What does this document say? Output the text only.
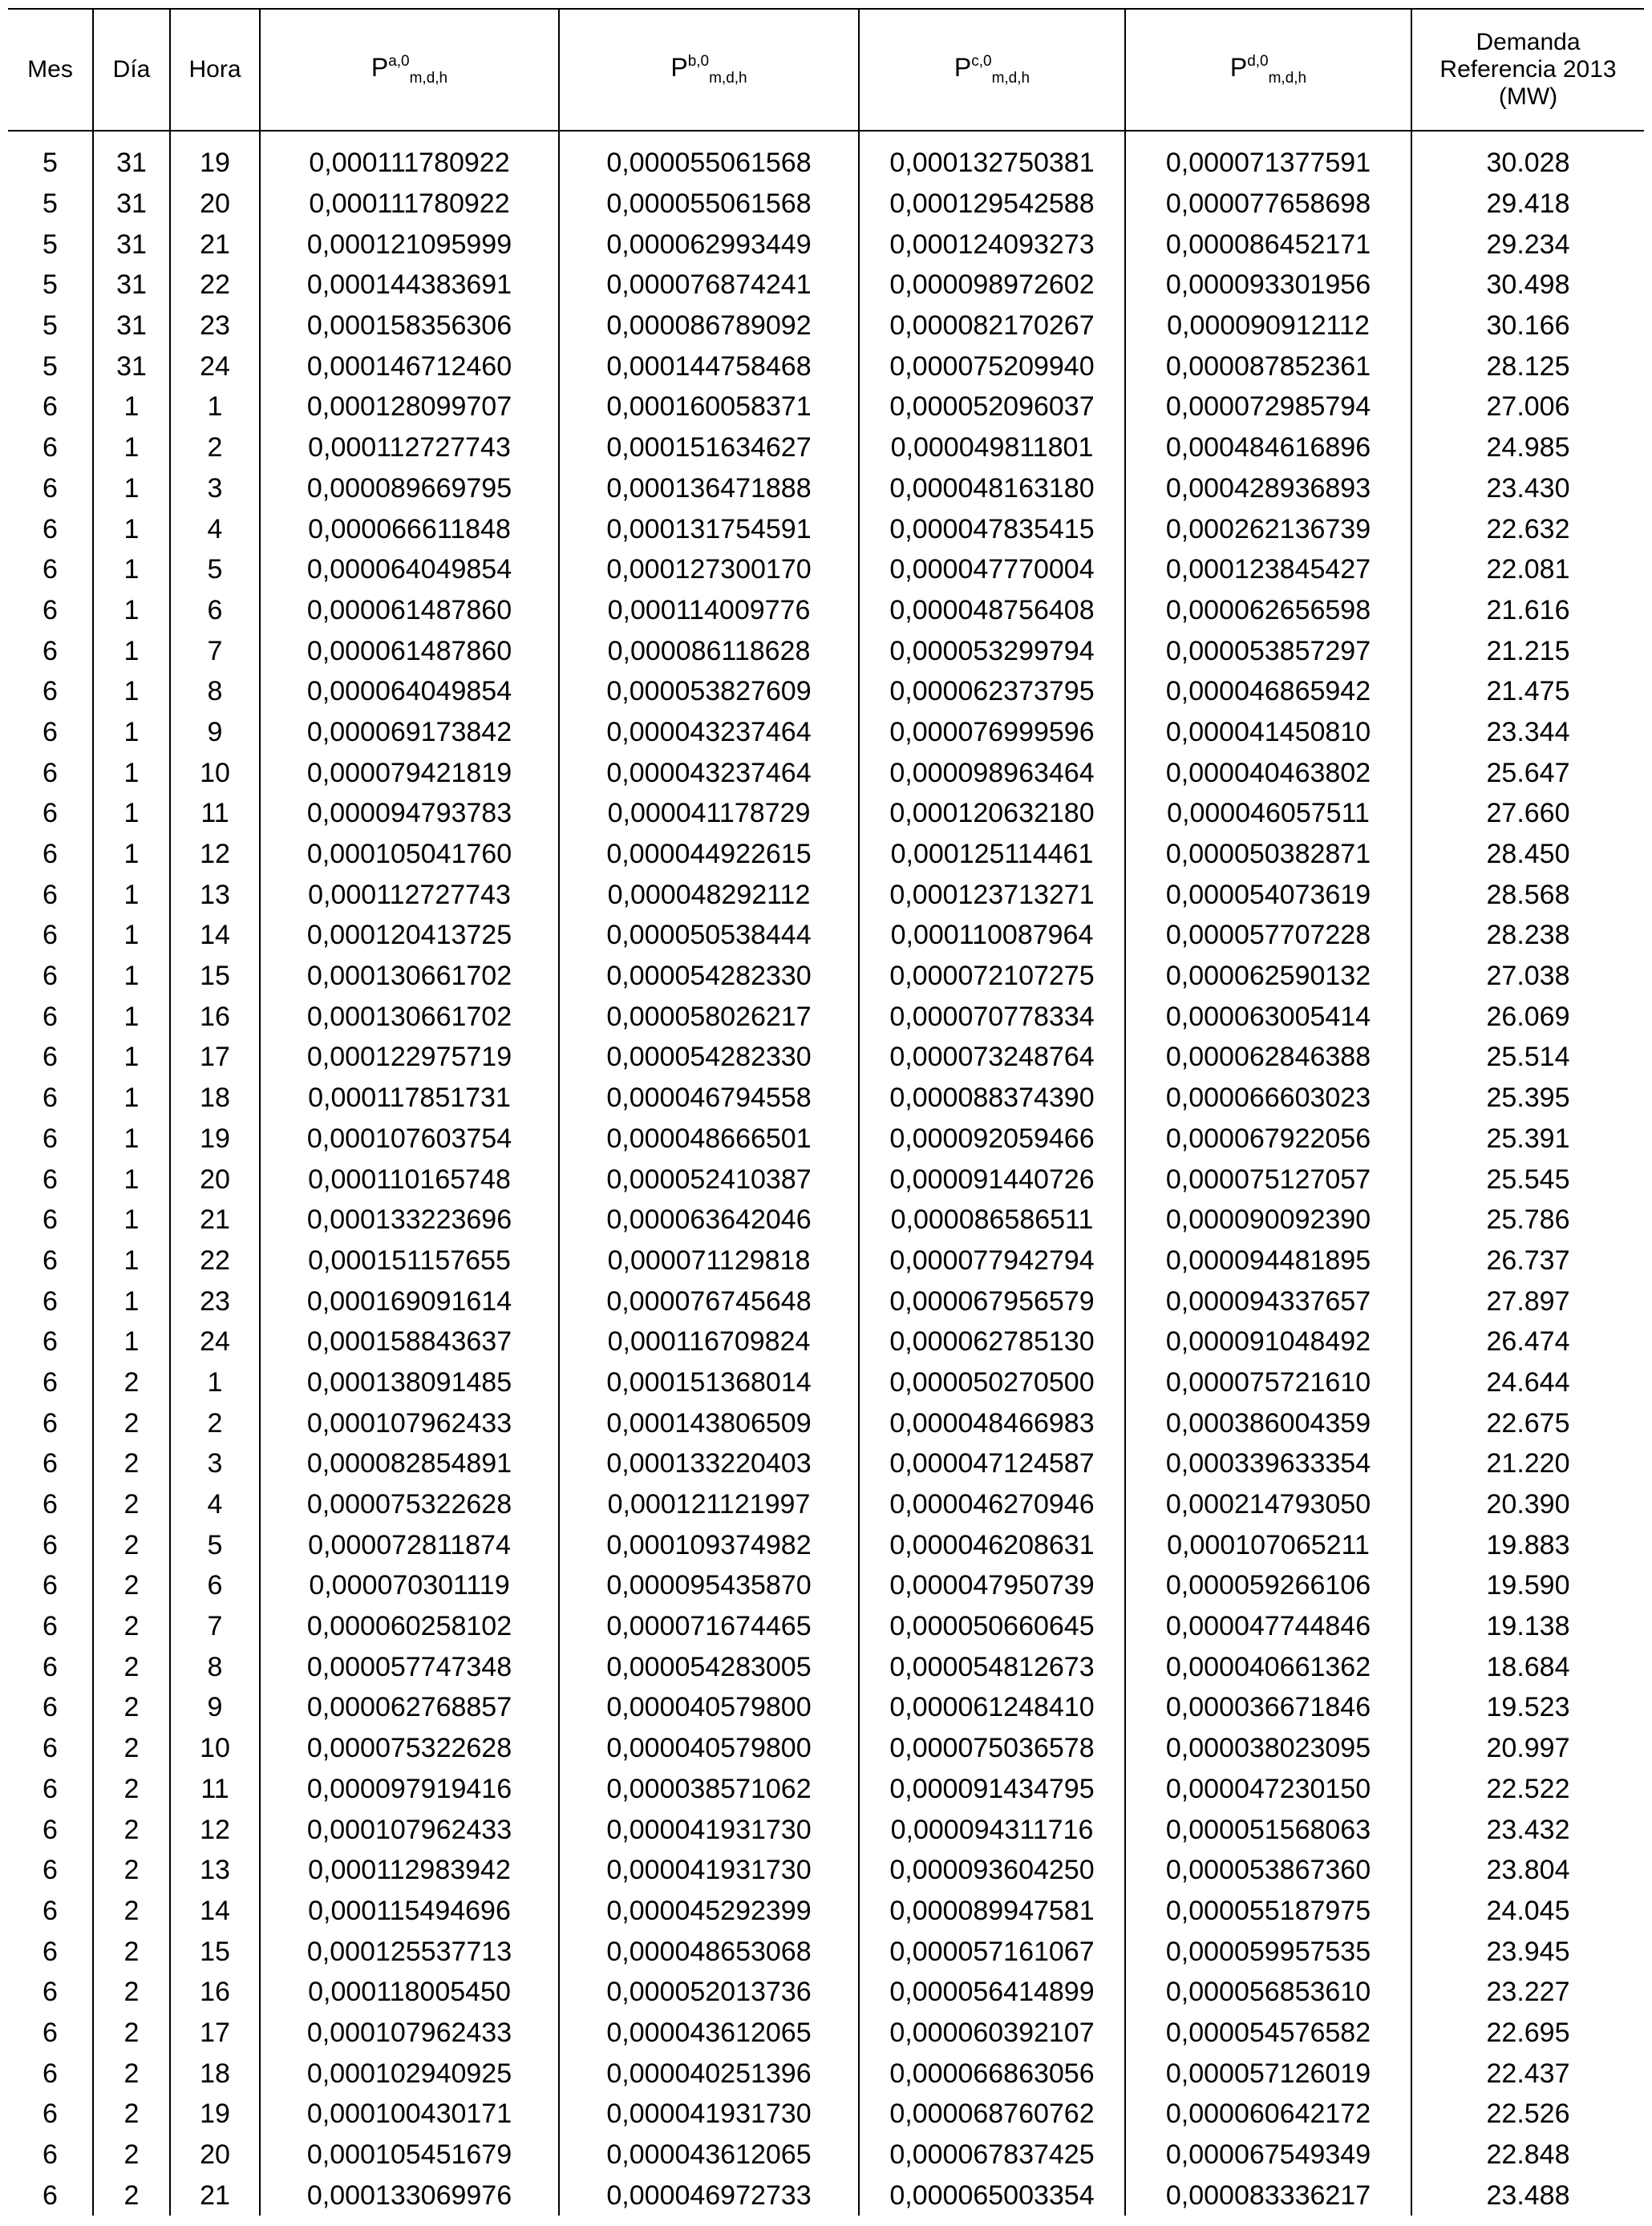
Mes	Día	Hora	P$^{a,0}_{m,d,h}$	P$^{b,0}_{m,d,h}$	P$^{c,0}_{m,d,h}$	P$^{d,0}_{m,d,h}$	Demanda
Referencia 2013
(MW)
5	31	19	0,000111780922	0,000055061568	0,000132750381	0,000071377591	30.028
5	31	20	0,000111780922	0,000055061568	0,000129542588	0,000077658698	29.418
5	31	21	0,000121095999	0,000062993449	0,000124093273	0,000086452171	29.234
5	31	22	0,000144383691	0,000076874241	0,000098972602	0,000093301956	30.498
5	31	23	0,000158356306	0,000086789092	0,000082170267	0,000090912112	30.166
5	31	24	0,000146712460	0,000144758468	0,000075209940	0,000087852361	28.125
6	1	1	0,000128099707	0,000160058371	0,000052096037	0,000072985794	27.006
6	1	2	0,000112727743	0,000151634627	0,000049811801	0,000484616896	24.985
6	1	3	0,000089669795	0,000136471888	0,000048163180	0,000428936893	23.430
6	1	4	0,000066611848	0,000131754591	0,000047835415	0,000262136739	22.632
6	1	5	0,000064049854	0,000127300170	0,000047770004	0,000123845427	22.081
6	1	6	0,000061487860	0,000114009776	0,000048756408	0,000062656598	21.616
6	1	7	0,000061487860	0,000086118628	0,000053299794	0,000053857297	21.215
6	1	8	0,000064049854	0,000053827609	0,000062373795	0,000046865942	21.475
6	1	9	0,000069173842	0,000043237464	0,000076999596	0,000041450810	23.344
6	1	10	0,000079421819	0,000043237464	0,000098963464	0,000040463802	25.647
6	1	11	0,000094793783	0,000041178729	0,000120632180	0,000046057511	27.660
6	1	12	0,000105041760	0,000044922615	0,000125114461	0,000050382871	28.450
6	1	13	0,000112727743	0,000048292112	0,000123713271	0,000054073619	28.568
6	1	14	0,000120413725	0,000050538444	0,000110087964	0,000057707228	28.238
6	1	15	0,000130661702	0,000054282330	0,000072107275	0,000062590132	27.038
6	1	16	0,000130661702	0,000058026217	0,000070778334	0,000063005414	26.069
6	1	17	0,000122975719	0,000054282330	0,000073248764	0,000062846388	25.514
6	1	18	0,000117851731	0,000046794558	0,000088374390	0,000066603023	25.395
6	1	19	0,000107603754	0,000048666501	0,000092059466	0,000067922056	25.391
6	1	20	0,000110165748	0,000052410387	0,000091440726	0,000075127057	25.545
6	1	21	0,000133223696	0,000063642046	0,000086586511	0,000090092390	25.786
6	1	22	0,000151157655	0,000071129818	0,000077942794	0,000094481895	26.737
6	1	23	0,000169091614	0,000076745648	0,000067956579	0,000094337657	27.897
6	1	24	0,000158843637	0,000116709824	0,000062785130	0,000091048492	26.474
6	2	1	0,000138091485	0,000151368014	0,000050270500	0,000075721610	24.644
6	2	2	0,000107962433	0,000143806509	0,000048466983	0,000386004359	22.675
6	2	3	0,000082854891	0,000133220403	0,000047124587	0,000339633354	21.220
6	2	4	0,000075322628	0,000121121997	0,000046270946	0,000214793050	20.390
6	2	5	0,000072811874	0,000109374982	0,000046208631	0,000107065211	19.883
6	2	6	0,000070301119	0,000095435870	0,000047950739	0,000059266106	19.590
6	2	7	0,000060258102	0,000071674465	0,000050660645	0,000047744846	19.138
6	2	8	0,000057747348	0,000054283005	0,000054812673	0,000040661362	18.684
6	2	9	0,000062768857	0,000040579800	0,000061248410	0,000036671846	19.523
6	2	10	0,000075322628	0,000040579800	0,000075036578	0,000038023095	20.997
6	2	11	0,000097919416	0,000038571062	0,000091434795	0,000047230150	22.522
6	2	12	0,000107962433	0,000041931730	0,000094311716	0,000051568063	23.432
6	2	13	0,000112983942	0,000041931730	0,000093604250	0,000053867360	23.804
6	2	14	0,000115494696	0,000045292399	0,000089947581	0,000055187975	24.045
6	2	15	0,000125537713	0,000048653068	0,000057161067	0,000059957535	23.945
6	2	16	0,000118005450	0,000052013736	0,000056414899	0,000056853610	23.227
6	2	17	0,000107962433	0,000043612065	0,000060392107	0,000054576582	22.695
6	2	18	0,000102940925	0,000040251396	0,000066863056	0,000057126019	22.437
6	2	19	0,000100430171	0,000041931730	0,000068760762	0,000060642172	22.526
6	2	20	0,000105451679	0,000043612065	0,000067837425	0,000067549349	22.848
6	2	21	0,000133069976	0,000046972733	0,000065003354	0,000083336217	23.488
